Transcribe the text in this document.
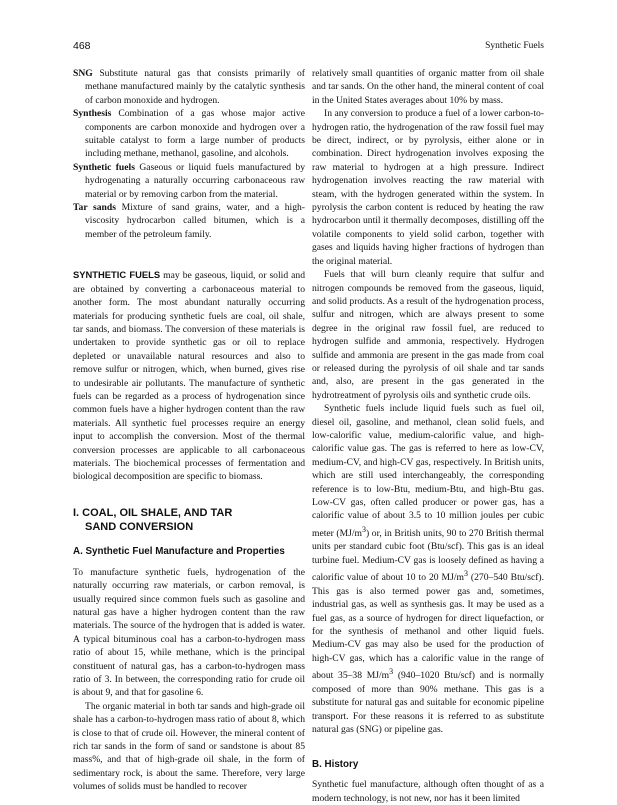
468	Synthetic Fuels

SNG Substitute natural gas that consists primarily of methane manufactured mainly by the catalytic synthesis of carbon monoxide and hydrogen.

Synthesis Combination of a gas whose major active components are carbon monoxide and hydrogen over a suitable catalyst to form a large number of products including methane, methanol, gasoline, and alcohols.

Synthetic fuels Gaseous or liquid fuels manufactured by hydrogenating a naturally occurring carbonaceous raw material or by removing carbon from the material.

Tar sands Mixture of sand grains, water, and a high-viscosity hydrocarbon called bitumen, which is a member of the petroleum family.

SYNTHETIC FUELS may be gaseous, liquid, or solid and are obtained by converting a carbonaceous material to another form. The most abundant naturally occurring materials for producing synthetic fuels are coal, oil shale, tar sands, and biomass. The conversion of these materials is undertaken to provide synthetic gas or oil to replace depleted or unavailable natural resources and also to remove sulfur or nitrogen, which, when burned, gives rise to undesirable air pollutants. The manufacture of synthetic fuels can be regarded as a process of hydrogenation since common fuels have a higher hydrogen content than the raw materials. All synthetic fuel processes require an energy input to accomplish the conversion. Most of the thermal conversion processes are applicable to all carbonaceous materials. The biochemical processes of fermentation and biological decomposition are specific to biomass.

I. COAL, OIL SHALE, AND TAR
SAND CONVERSION
A. Synthetic Fuel Manufacture and Properties

To manufacture synthetic fuels, hydrogenation of the naturally occurring raw materials, or carbon removal, is usually required since common fuels such as gasoline and natural gas have a higher hydrogen content than the raw materials. The source of the hydrogen that is added is water. A typical bituminous coal has a carbon-to-hydrogen mass ratio of about 15, while methane, which is the principal constituent of natural gas, has a carbon-to-hydrogen mass ratio of 3. In between, the corresponding ratio for crude oil is about 9, and that for gasoline 6.

The organic material in both tar sands and high-grade oil shale has a carbon-to-hydrogen mass ratio of about 8, which is close to that of crude oil. However, the mineral content of rich tar sands in the form of sand or sandstone is about 85 mass%, and that of high-grade oil shale, in the form of sedimentary rock, is about the same. Therefore, very large volumes of solids must be handled to recover

relatively small quantities of organic matter from oil shale and tar sands. On the other hand, the mineral content of coal in the United States averages about 10% by mass.

In any conversion to produce a fuel of a lower carbon-to-hydrogen ratio, the hydrogenation of the raw fossil fuel may be direct, indirect, or by pyrolysis, either alone or in combination. Direct hydrogenation involves exposing the raw material to hydrogen at a high pressure. Indirect hydrogenation involves reacting the raw material with steam, with the hydrogen generated within the system. In pyrolysis the carbon content is reduced by heating the raw hydrocarbon until it thermally decomposes, distilling off the volatile components to yield solid carbon, together with gases and liquids having higher fractions of hydrogen than the original material.

Fuels that will burn cleanly require that sulfur and nitrogen compounds be removed from the gaseous, liquid, and solid products. As a result of the hydrogenation process, sulfur and nitrogen, which are always present to some degree in the original raw fossil fuel, are reduced to hydrogen sulfide and ammonia, respectively. Hydrogen sulfide and ammonia are present in the gas made from coal or released during the pyrolysis of oil shale and tar sands and, also, are present in the gas generated in the hydrotreatment of pyrolysis oils and synthetic crude oils.

Synthetic fuels include liquid fuels such as fuel oil, diesel oil, gasoline, and methanol, clean solid fuels, and low-calorific value, medium-calorific value, and high-calorific value gas. The gas is referred to here as low-CV, medium-CV, and high-CV gas, respectively. In British units, which are still used interchangeably, the corresponding reference is to low-Btu, medium-Btu, and high-Btu gas. Low-CV gas, often called producer or power gas, has a calorific value of about 3.5 to 10 million joules per cubic meter $(MJ/m^3)$ or, in British units, 90 to 270 British thermal units per standard cubic foot (Btu/scf). This gas is an ideal turbine fuel. Medium-CV gas is loosely defined as having a calorific value of about 10 to 20 $MJ/m^3$ (270–540 Btu/scf). This gas is also termed power gas and, sometimes, industrial gas, as well as synthesis gas. It may be used as a fuel gas, as a source of hydrogen for direct liquefaction, or for the synthesis of methanol and other liquid fuels. Medium-CV gas may also be used for the production of high-CV gas, which has a calorific value in the range of about 35–38 $MJ/m^3$ (940–1020 Btu/scf) and is normally composed of more than 90% methane. This gas is a substitute for natural gas and suitable for economic pipeline transport. For these reasons it is referred to as substitute natural gas (SNG) or pipeline gas.

B. History

Synthetic fuel manufacture, although often thought of as a modern technology, is not new, nor has it been limited
